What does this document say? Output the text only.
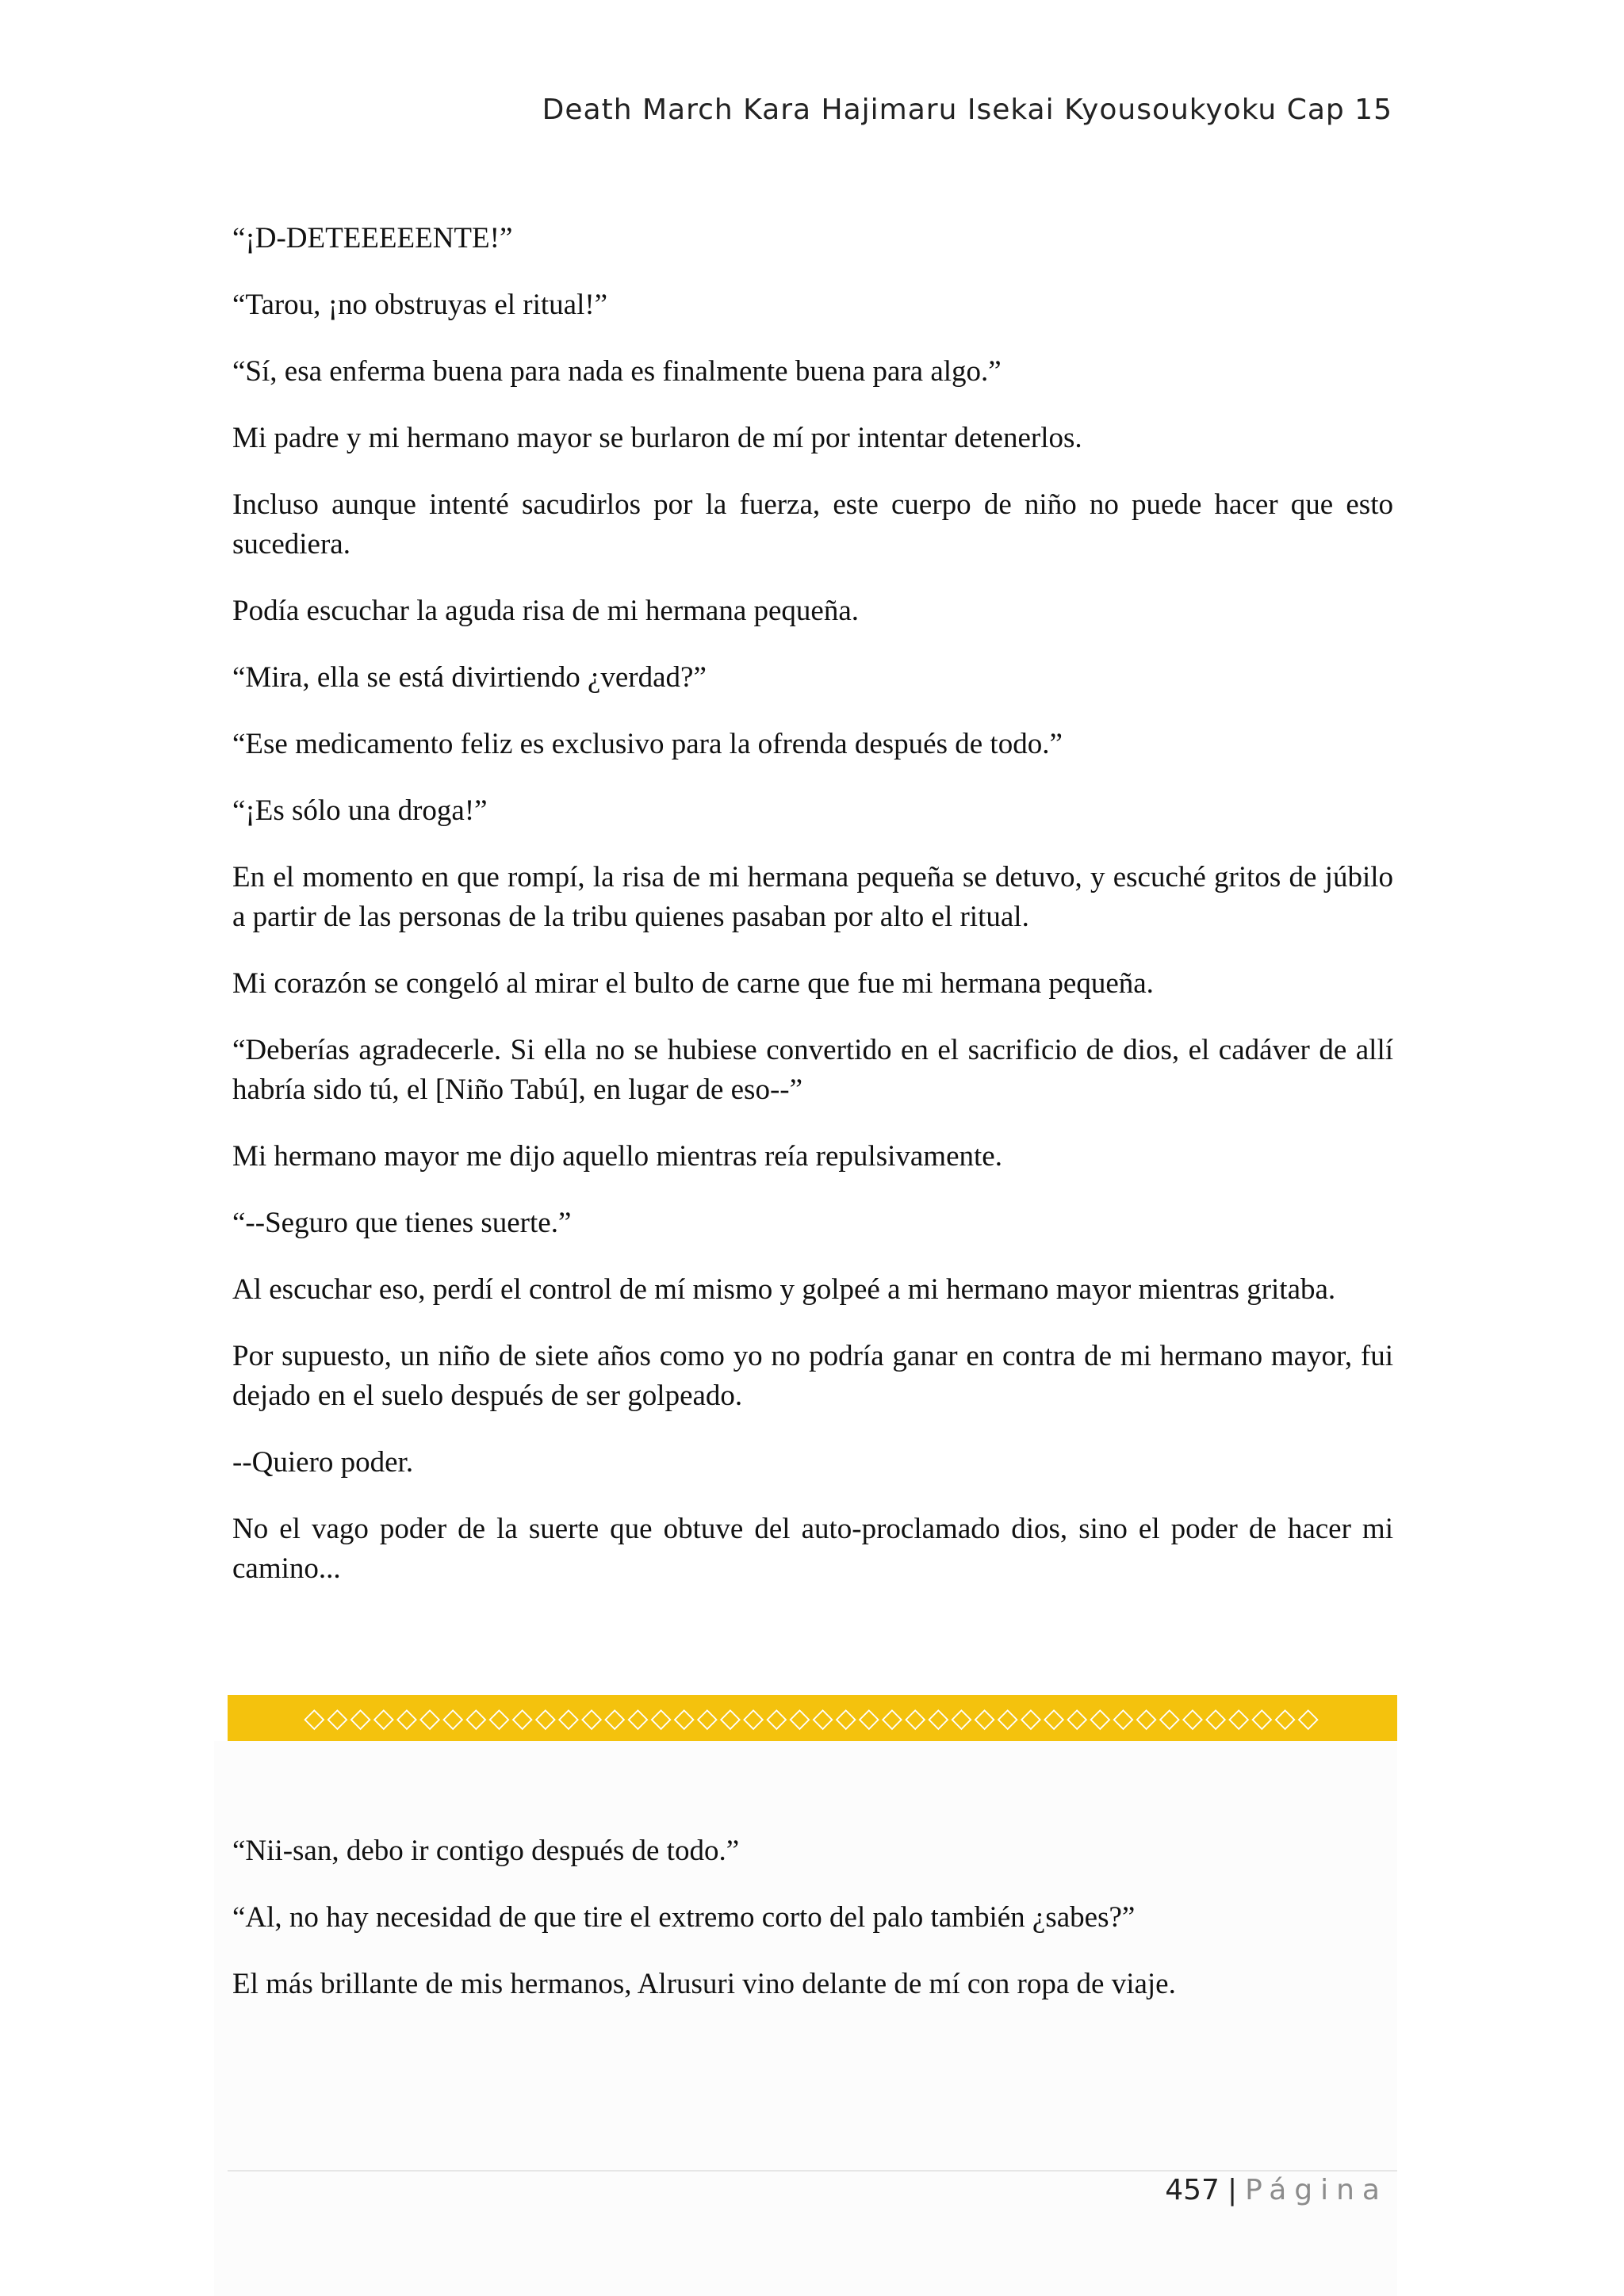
Death March Kara Hajimaru Isekai Kyousoukyoku Cap 15

“¡D-DETEEEEENTE!”

“Tarou, ¡no obstruyas el ritual!”

“Sí, esa enferma buena para nada es finalmente buena para algo.”

Mi padre y mi hermano mayor se burlaron de mí por intentar detenerlos.

Incluso aunque intenté sacudirlos por la fuerza, este cuerpo de niño no puede hacer que esto sucediera.

Podía escuchar la aguda risa de mi hermana pequeña.

“Mira, ella se está divirtiendo ¿verdad?”

“Ese medicamento feliz es exclusivo para la ofrenda después de todo.”

“¡Es sólo una droga!”

En el momento en que rompí, la risa de mi hermana pequeña se detuvo, y escuché gritos de júbilo a partir de las personas de la tribu quienes pasaban por alto el ritual.

Mi corazón se congeló al mirar el bulto de carne que fue mi hermana pequeña.

“Deberías agradecerle. Si ella no se hubiese convertido en el sacrificio de dios, el cadáver de allí habría sido tú, el [Niño Tabú], en lugar de eso--”

Mi hermano mayor me dijo aquello mientras reía repulsivamente.

“--Seguro que tienes suerte.”

Al escuchar eso, perdí el control de mí mismo y golpeé a mi hermano mayor mientras gritaba.

Por supuesto, un niño de siete años como yo no podría ganar en contra de mi hermano mayor, fui dejado en el suelo después de ser golpeado.

--Quiero poder.

No el vago poder de la suerte que obtuve del auto-proclamado dios, sino el poder de hacer mi camino...

◇◇◇◇◇◇◇◇◇◇◇◇◇◇◇◇◇◇◇◇◇◇◇◇◇◇◇◇◇◇◇◇◇◇◇◇◇◇◇◇◇◇◇◇

“Nii-san, debo ir contigo después de todo.”

“Al, no hay necesidad de que tire el extremo corto del palo también ¿sabes?”

El más brillante de mis hermanos, Alrusuri vino delante de mí con ropa de viaje.

457 | Página
